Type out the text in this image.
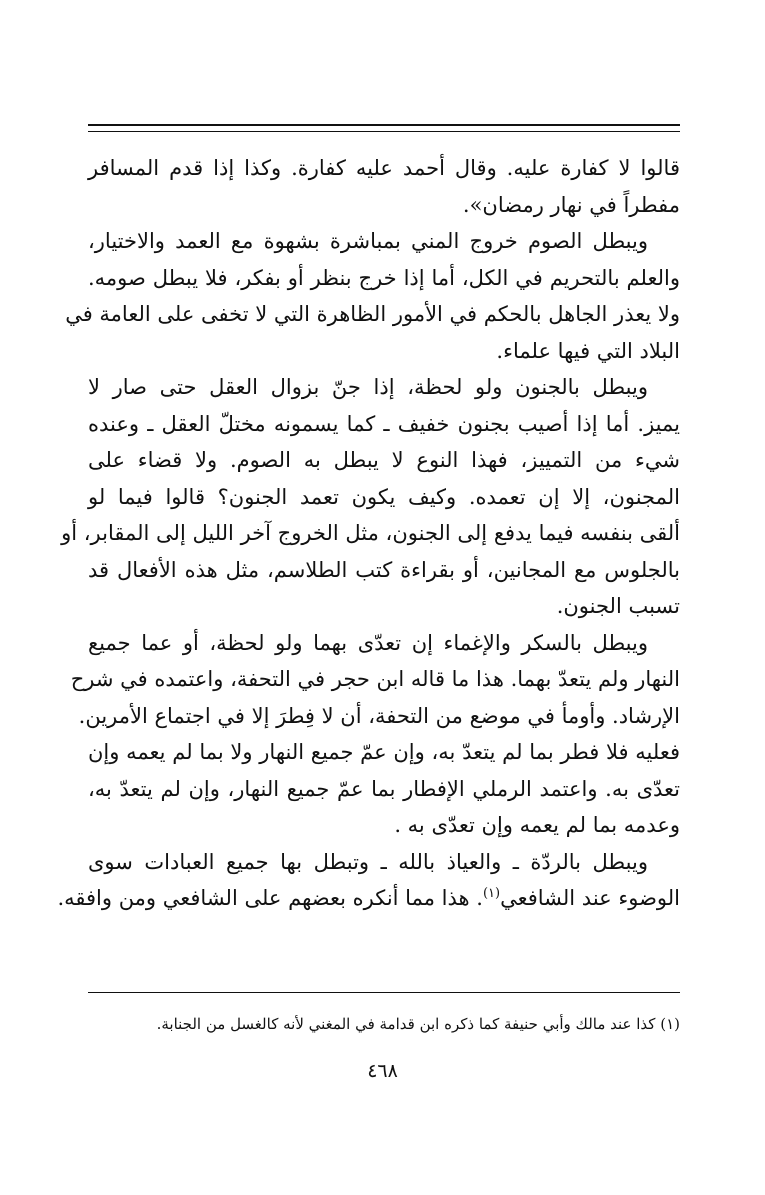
قالوا لا كفارة عليه. وقال أحمد عليه كفارة. وكذا إذا قدم المسافر
مفطراً في نهار رمضان».
ويبطل الصوم خروج المني بمباشرة بشهوة مع العمد والاختيار،
والعلم بالتحريم في الكل، أما إذا خرج بنظر أو بفكر، فلا يبطل صومه.
ولا يعذر الجاهل بالحكم في الأمور الظاهرة التي لا تخفى على العامة في
البلاد التي فيها علماء.
ويبطل بالجنون ولو لحظة، إذا جنّ بزوال العقل حتى صار لا
يميز. أما إذا أصيب بجنون خفيف ـ كما يسمونه مختلّ العقل ـ وعنده
شيء من التمييز، فهذا النوع لا يبطل به الصوم. ولا قضاء على
المجنون، إلا إن تعمده. وكيف يكون تعمد الجنون؟ قالوا فيما لو
ألقى بنفسه فيما يدفع إلى الجنون، مثل الخروج آخر الليل إلى المقابر، أو
بالجلوس مع المجانين، أو بقراءة كتب الطلاسم، مثل هذه الأفعال قد
تسبب الجنون.
ويبطل بالسكر والإغماء إن تعدّى بهما ولو لحظة، أو عما جميع
النهار ولم يتعدّ بهما. هذا ما قاله ابن حجر في التحفة، واعتمده في شرح
الإرشاد. وأومأ في موضع من التحفة، أن لا فِطرَ إلا في اجتماع الأمرين.
فعليه فلا فطر بما لم يتعدّ به، وإن عمّ جميع النهار ولا بما لم يعمه وإن
تعدّى به. واعتمد الرملي الإفطار بما عمّ جميع النهار، وإن لم يتعدّ به،
وعدمه بما لم يعمه وإن تعدّى به .
ويبطل بالردّة ـ والعياذ بالله ـ وتبطل بها جميع العبادات سوى
الوضوء عند الشافعي$^{(١)}$. هذا مما أنكره بعضهم على الشافعي ومن وافقه.
(١) كذا عند مالك وأبي حنيفة كما ذكره ابن قدامة في المغني لأنه كالغسل من الجنابة.
٤٦٨
